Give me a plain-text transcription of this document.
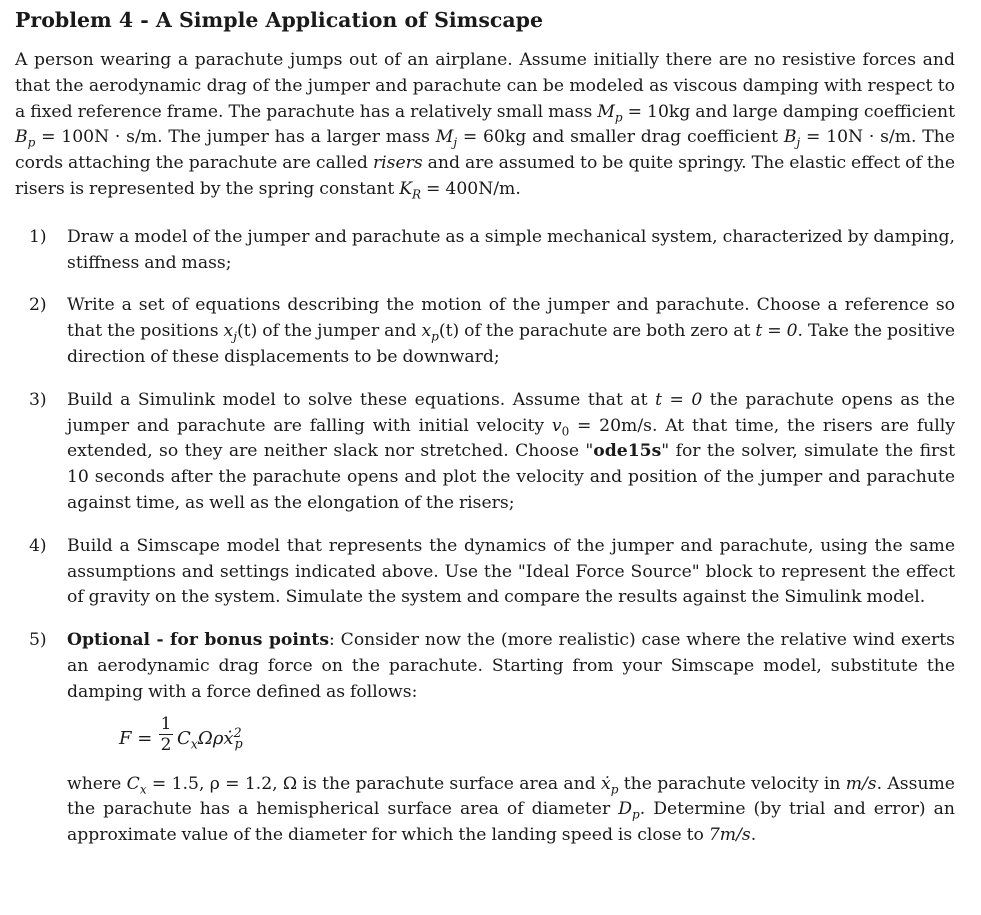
Problem 4 - A Simple Application of Simscape

A person wearing a parachute jumps out of an airplane. Assume initially there are no resistive forces and that the aerodynamic drag of the jumper and parachute can be modeled as viscous damping with respect to a fixed reference frame. The parachute has a relatively small mass $M_p = 10kg$ and large damping coefficient $B_p = 100N \cdot s/m$. The jumper has a larger mass $M_j = 60kg$ and smaller drag coefficient $B_j = 10N \cdot s/m$. The cords attaching the parachute are called risers and are assumed to be quite springy. The elastic effect of the risers is represented by the spring constant $K_R = 400N/m$.

1) Draw a model of the jumper and parachute as a simple mechanical system, characterized by damping, stiffness and mass;
2) Write a set of equations describing the motion of the jumper and parachute. Choose a reference so that the positions $x_j(t)$ of the jumper and $x_p(t)$ of the parachute are both zero at t = 0. Take the positive direction of these displacements to be downward;
3) Build a Simulink model to solve these equations. Assume that at t = 0 the parachute opens as the jumper and parachute are falling with initial velocity $v_0 = 20m/s$. At that time, the risers are fully extended, so they are neither slack nor stretched. Choose "ode15s" for the solver, simulate the first 10 seconds after the parachute opens and plot the velocity and position of the jumper and parachute against time, as well as the elongation of the risers;
4) Build a Simscape model that represents the dynamics of the jumper and parachute, using the same assumptions and settings indicated above. Use the "Ideal Force Source" block to represent the effect of gravity on the system. Simulate the system and compare the results against the Simulink model.
5) Optional - for bonus points: Consider now the (more realistic) case where the relative wind exerts an aerodynamic drag force on the parachute. Starting from your Simscape model, substitute the damping with a force defined as follows:
F =
1
2 $C_x\Omega\rho ẋ^2_p$
where $C_x = 1.5$, ρ = 1.2, Ω is the parachute surface area and ẋ$_p$ the parachute velocity in m/s. Assume the parachute has a hemispherical surface area of diameter $D_p$. Determine (by trial and error) an approximate value of the diameter for which the landing speed is close to 7m/s.
